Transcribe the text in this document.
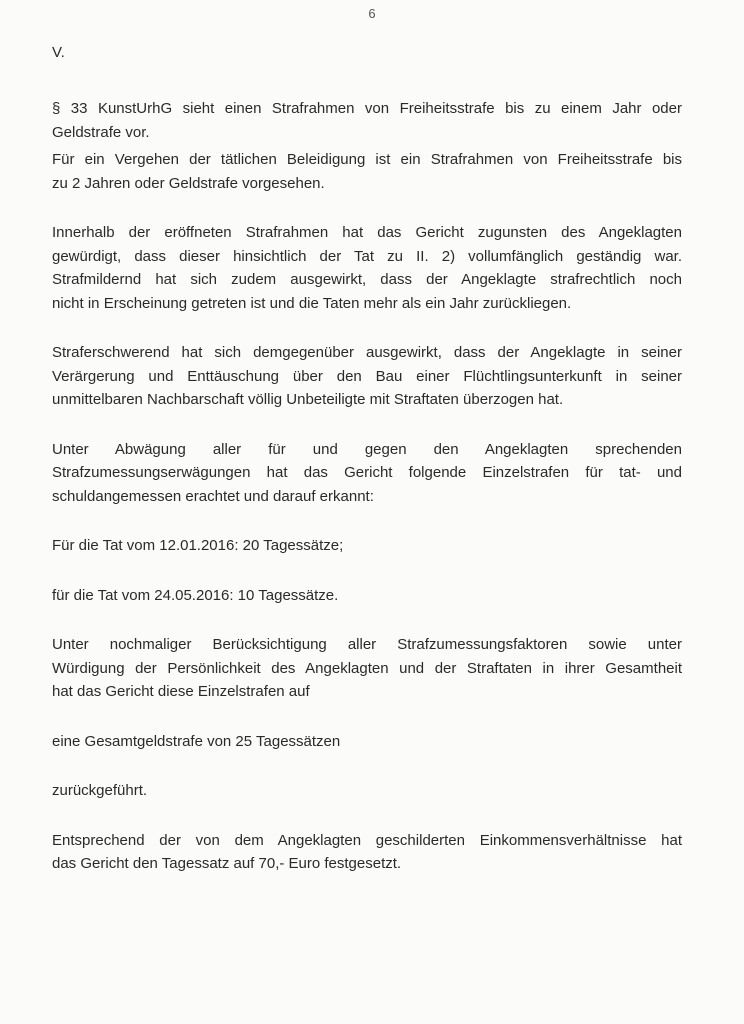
6
V.

§ 33 KunstUrhG sieht einen Strafrahmen von Freiheitsstrafe bis zu einem Jahr oder

Geldstrafe vor.

Für ein Vergehen der tätlichen Beleidigung ist ein Strafrahmen von Freiheitsstrafe bis

zu 2 Jahren oder Geldstrafe vorgesehen.

Innerhalb der eröffneten Strafrahmen hat das Gericht zugunsten des Angeklagten

gewürdigt, dass dieser hinsichtlich der Tat zu II. 2) vollumfänglich geständig war.

Strafmildernd hat sich zudem ausgewirkt, dass der Angeklagte strafrechtlich noch

nicht in Erscheinung getreten ist und die Taten mehr als ein Jahr zurückliegen.

Straferschwerend hat sich demgegenüber ausgewirkt, dass der Angeklagte in seiner

Verärgerung und Enttäuschung über den Bau einer Flüchtlingsunterkunft in seiner

unmittelbaren Nachbarschaft völlig Unbeteiligte mit Straftaten überzogen hat.

Unter Abwägung aller für und gegen den Angeklagten sprechenden

Strafzumessungserwägungen hat das Gericht folgende Einzelstrafen für tat- und

schuldangemessen erachtet und darauf erkannt:

Für die Tat vom 12.01.2016: 20 Tagessätze;

für die Tat vom 24.05.2016: 10 Tagessätze.

Unter nochmaliger Berücksichtigung aller Strafzumessungsfaktoren sowie unter

Würdigung der Persönlichkeit des Angeklagten und der Straftaten in ihrer Gesamtheit

hat das Gericht diese Einzelstrafen auf

eine Gesamtgeldstrafe von 25 Tagessätzen

zurückgeführt.

Entsprechend der von dem Angeklagten geschilderten Einkommensverhältnisse hat

das Gericht den Tagessatz auf 70,- Euro festgesetzt.
